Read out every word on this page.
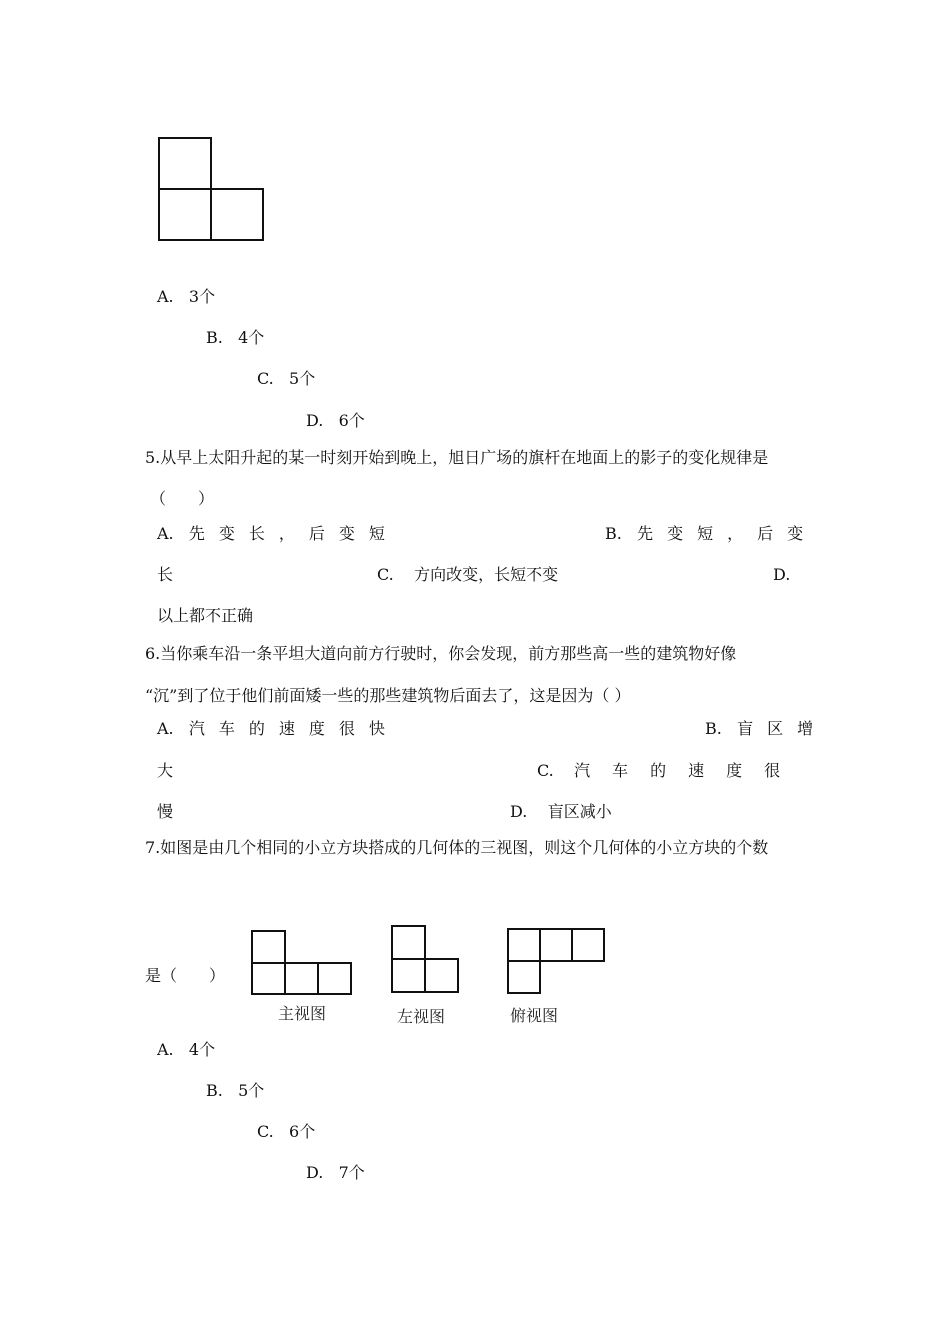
A. 3个
B. 4个
C. 5个
D. 6个
5.从早上太阳升起的某一时刻开始到晚上，旭日广场的旗杆在地面上的影子的变化规律是
（　　）
A. 先变长，后变短	B. 先变短，后变
长	C. 方向改变，长短不变	D.
以上都不正确
6.当你乘车沿一条平坦大道向前方行驶时，你会发现，前方那些高一些的建筑物好像
“沉”到了位于他们前面矮一些的那些建筑物后面去了，这是因为（ ）
A. 汽车的速度很快	B. 盲区增
大	C. 汽车的速度很
慢	D. 盲区减小
7.如图是由几个相同的小立方块搭成的几何体的三视图，则这个几何体的小立方块的个数
是（　　）
主视图	左视图	俯视图
A. 4个
B. 5个
C. 6个
D. 7个
